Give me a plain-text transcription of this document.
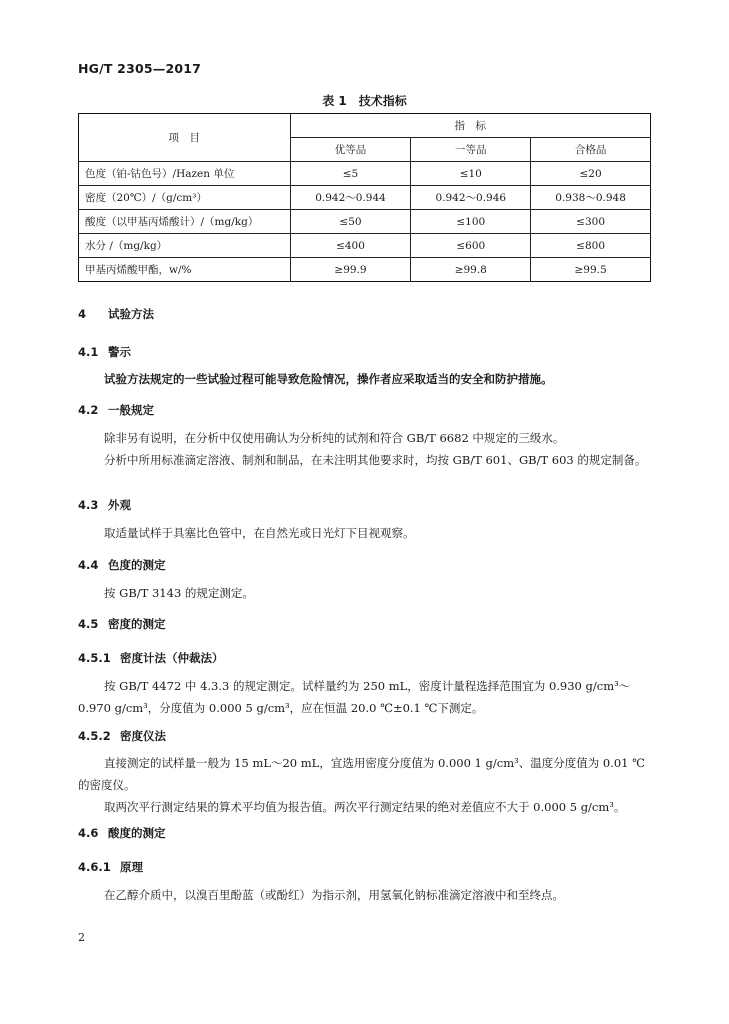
HG/T 2305—2017
表 1　技术指标
项　目	指　标		
	优等品	一等品	合格品
色度（铂-钴色号）/Hazen 单位	≤5	≤10	≤20
密度（20℃）/（g/cm³）	0.942～0.944	0.942～0.946	0.938～0.948
酸度（以甲基丙烯酸计）/（mg/kg）	≤50	≤100	≤300
水分 /（mg/kg）	≤400	≤600	≤800
甲基丙烯酸甲酯，w/%	≥99.9	≥99.8	≥99.5
4 试验方法
4.1 警示
试验方法规定的一些试验过程可能导致危险情况，操作者应采取适当的安全和防护措施。
4.2 一般规定
除非另有说明，在分析中仅使用确认为分析纯的试剂和符合 GB/T 6682 中规定的三级水。
分析中所用标准滴定溶液、制剂和制品，在未注明其他要求时，均按 GB/T 601、GB/T 603 的规定制备。
4.3 外观
取适量试样于具塞比色管中，在自然光或日光灯下目视观察。
4.4 色度的测定
按 GB/T 3143 的规定测定。
4.5 密度的测定
4.5.1 密度计法（仲裁法）
按 GB/T 4472 中 4.3.3 的规定测定。试样量约为 250 mL，密度计量程选择范围宜为 0.930 g/cm³～0.970 g/cm³，分度值为 0.000 5 g/cm³，应在恒温 20.0 ℃±0.1 ℃下测定。
4.5.2 密度仪法
直接测定的试样量一般为 15 mL～20 mL，宜选用密度分度值为 0.000 1 g/cm³、温度分度值为 0.01 ℃的密度仪。
取两次平行测定结果的算术平均值为报告值。两次平行测定结果的绝对差值应不大于 0.000 5 g/cm³。
4.6 酸度的测定
4.6.1 原理
在乙醇介质中，以溴百里酚蓝（或酚红）为指示剂，用氢氧化钠标准滴定溶液中和至终点。
2
